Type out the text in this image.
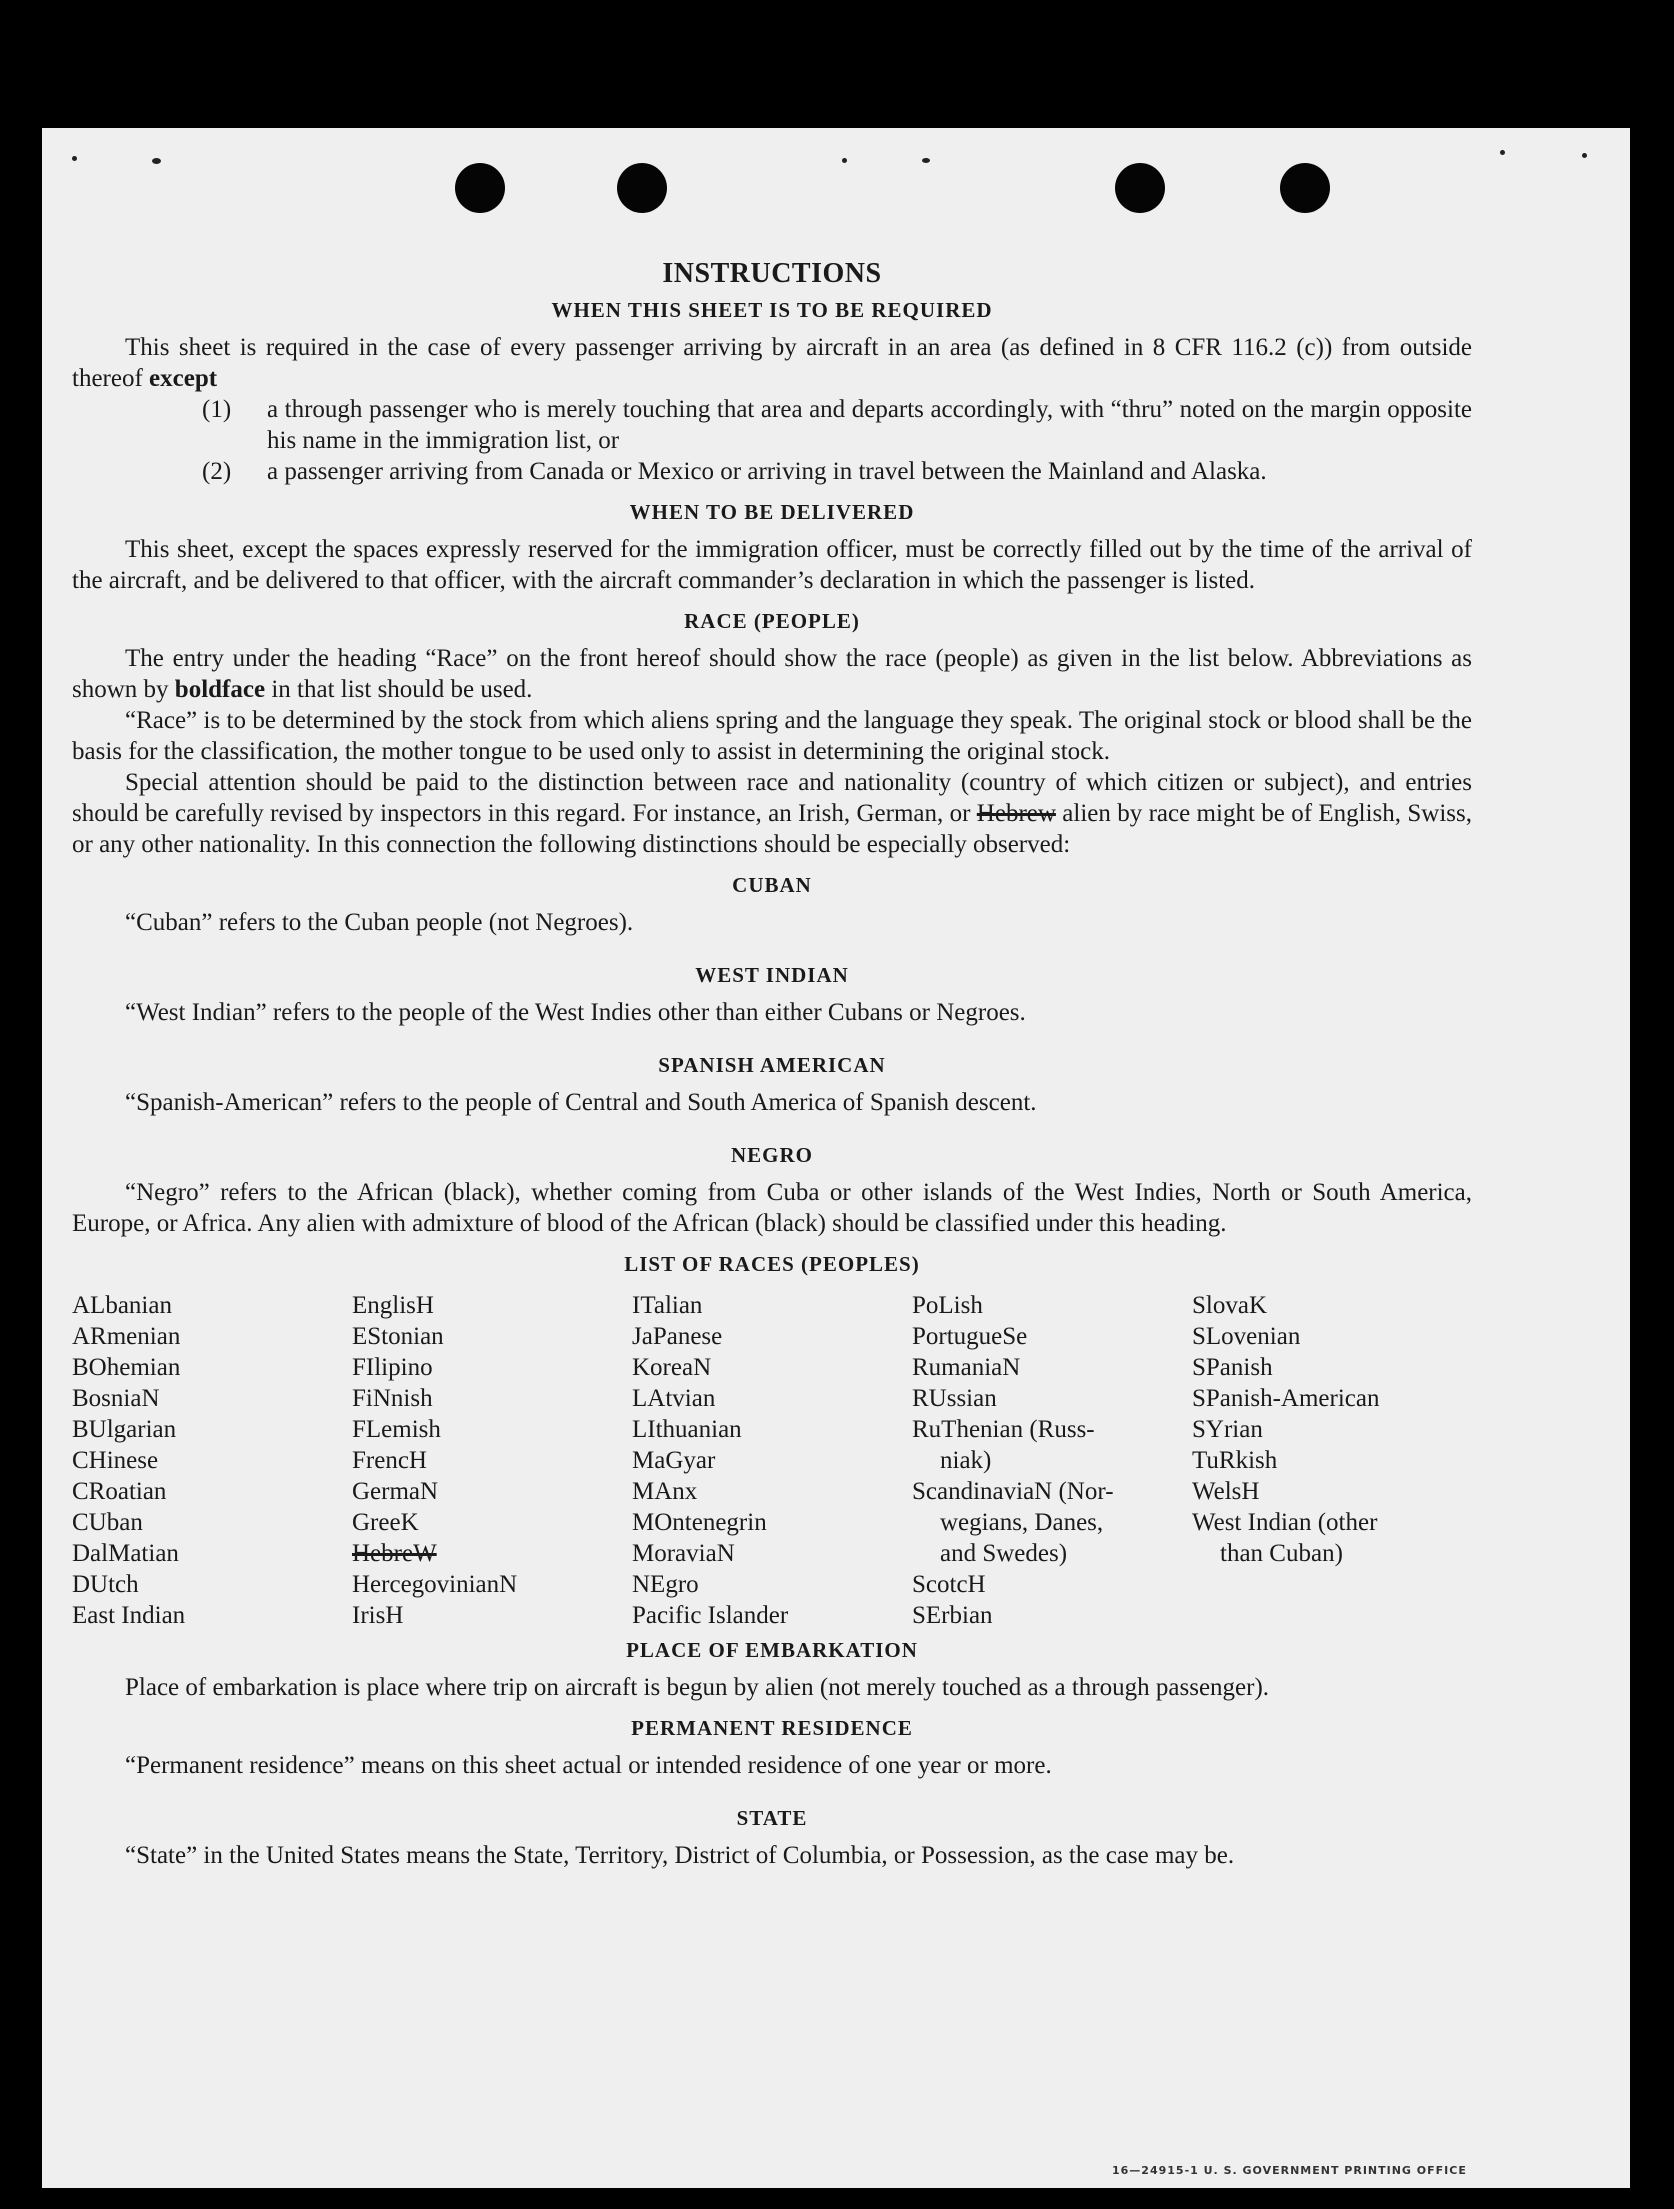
INSTRUCTIONS
WHEN THIS SHEET IS TO BE REQUIRED

This sheet is required in the case of every passenger arriving by aircraft in an area (as defined in 8 CFR 116.2 (c)) from outside thereof except

(1) a through passenger who is merely touching that area and departs accordingly, with “thru” noted on the margin opposite his name in the immigration list, or
(2) a passenger arriving from Canada or Mexico or arriving in travel between the Mainland and Alaska.
WHEN TO BE DELIVERED

This sheet, except the spaces expressly reserved for the immigration officer, must be correctly filled out by the time of the arrival of the aircraft, and be delivered to that officer, with the aircraft commander’s declaration in which the passenger is listed.

RACE (PEOPLE)

The entry under the heading “Race” on the front hereof should show the race (people) as given in the list below. Abbreviations as shown by boldface in that list should be used.

“Race” is to be determined by the stock from which aliens spring and the language they speak. The original stock or blood shall be the basis for the classification, the mother tongue to be used only to assist in determining the original stock.

Special attention should be paid to the distinction between race and nationality (country of which citizen or subject), and entries should be carefully revised by inspectors in this regard. For instance, an Irish, German, or Hebrew alien by race might be of English, Swiss, or any other nationality. In this connection the following distinctions should be especially observed:

CUBAN

“Cuban” refers to the Cuban people (not Negroes).

WEST INDIAN

“West Indian” refers to the people of the West Indies other than either Cubans or Negroes.

SPANISH AMERICAN

“Spanish-American” refers to the people of Central and South America of Spanish descent.

NEGRO

“Negro” refers to the African (black), whether coming from Cuba or other islands of the West Indies, North or South America, Europe, or Africa. Any alien with admixture of blood of the African (black) should be classified under this heading.

LIST OF RACES (PEOPLES)
ALbanian
ARmenian
BOhemian
BosniaN
BUlgarian
CHinese
CRoatian
CUban
DalMatian
DUtch
East Indian
EnglisH
EStonian
FIlipino
FiNnish
FLemish
FrencH
GermaN
GreeK
HebreW
HercegovinianN
IrisH
ITalian
JaPanese
KoreaN
LAtvian
LIthuanian
MaGyar
MAnx
MOntenegrin
MoraviaN
NEgro
Pacific Islander
PoLish
PortugueSe
RumaniaN
RUssian
RuThenian (Russ-
niak)
ScandinaviaN (Nor-
wegians, Danes,
and Swedes)
ScotcH
SErbian
SlovaK
SLovenian
SPanish
SPanish-American
SYrian
TuRkish
WelsH
West Indian (other
than Cuban)
PLACE OF EMBARKATION

Place of embarkation is place where trip on aircraft is begun by alien (not merely touched as a through passenger).

PERMANENT RESIDENCE

“Permanent residence” means on this sheet actual or intended residence of one year or more.

STATE

“State” in the United States means the State, Territory, District of Columbia, or Possession, as the case may be.

16—24915-1 U. S. GOVERNMENT PRINTING OFFICE
